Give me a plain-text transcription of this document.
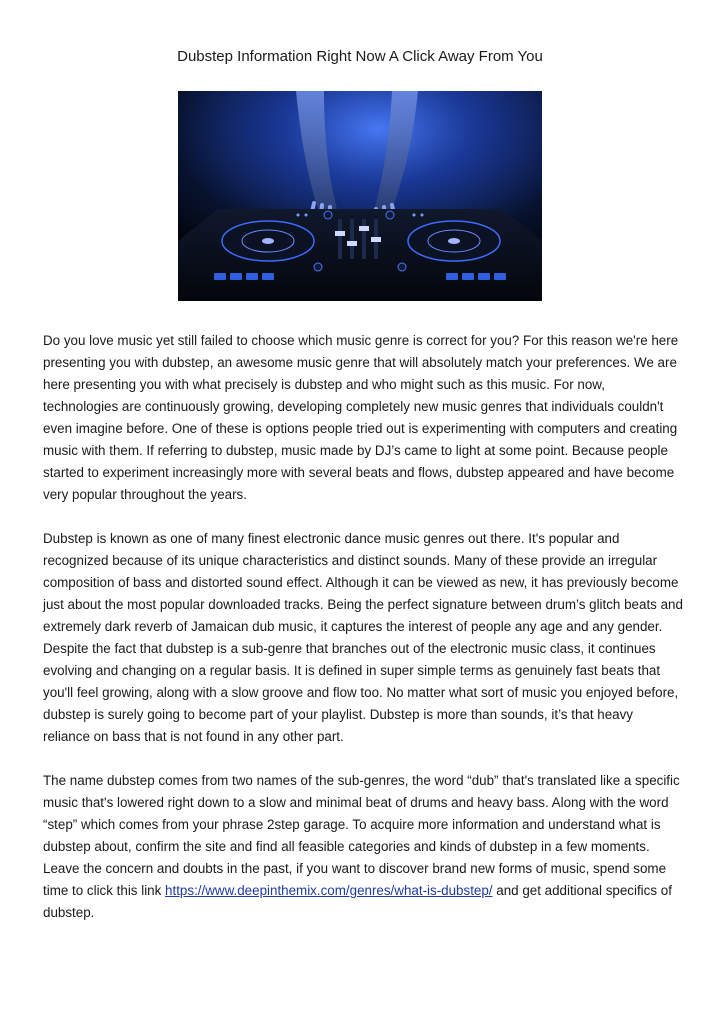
Dubstep Information Right Now A Click Away From You

Do you love music yet still failed to choose which music genre is correct for you? For this reason we're here presenting you with dubstep, an awesome music genre that will absolutely match your preferences. We are here presenting you with what precisely is dubstep and who might such as this music. For now, technologies are continuously growing, developing completely new music genres that individuals couldn't even imagine before. One of these is options people tried out is experimenting with computers and creating music with them. If referring to dubstep, music made by DJ’s came to light at some point. Because people started to experiment increasingly more with several beats and flows, dubstep appeared and have become very popular throughout the years.

Dubstep is known as one of many finest electronic dance music genres out there. It's popular and recognized because of its unique characteristics and distinct sounds. Many of these provide an irregular composition of bass and distorted sound effect. Although it can be viewed as new, it has previously become just about the most popular downloaded tracks. Being the perfect signature between drum’s glitch beats and extremely dark reverb of Jamaican dub music, it captures the interest of people any age and any gender. Despite the fact that dubstep is a sub-genre that branches out of the electronic music class, it continues evolving and changing on a regular basis. It is defined in super simple terms as genuinely fast beats that you'll feel growing, along with a slow groove and flow too. No matter what sort of music you enjoyed before, dubstep is surely going to become part of your playlist. Dubstep is more than sounds, it’s that heavy reliance on bass that is not found in any other part.

The name dubstep comes from two names of the sub-genres, the word “dub” that's translated like a specific music that's lowered right down to a slow and minimal beat of drums and heavy bass. Along with the word “step” which comes from your phrase 2step garage. To acquire more information and understand what is dubstep about, confirm the site and find all feasible categories and kinds of dubstep in a few moments. Leave the concern and doubts in the past, if you want to discover brand new forms of music, spend some time to click this link https://www.deepinthemix.com/genres/what-is-dubstep/ and get additional specifics of dubstep.
